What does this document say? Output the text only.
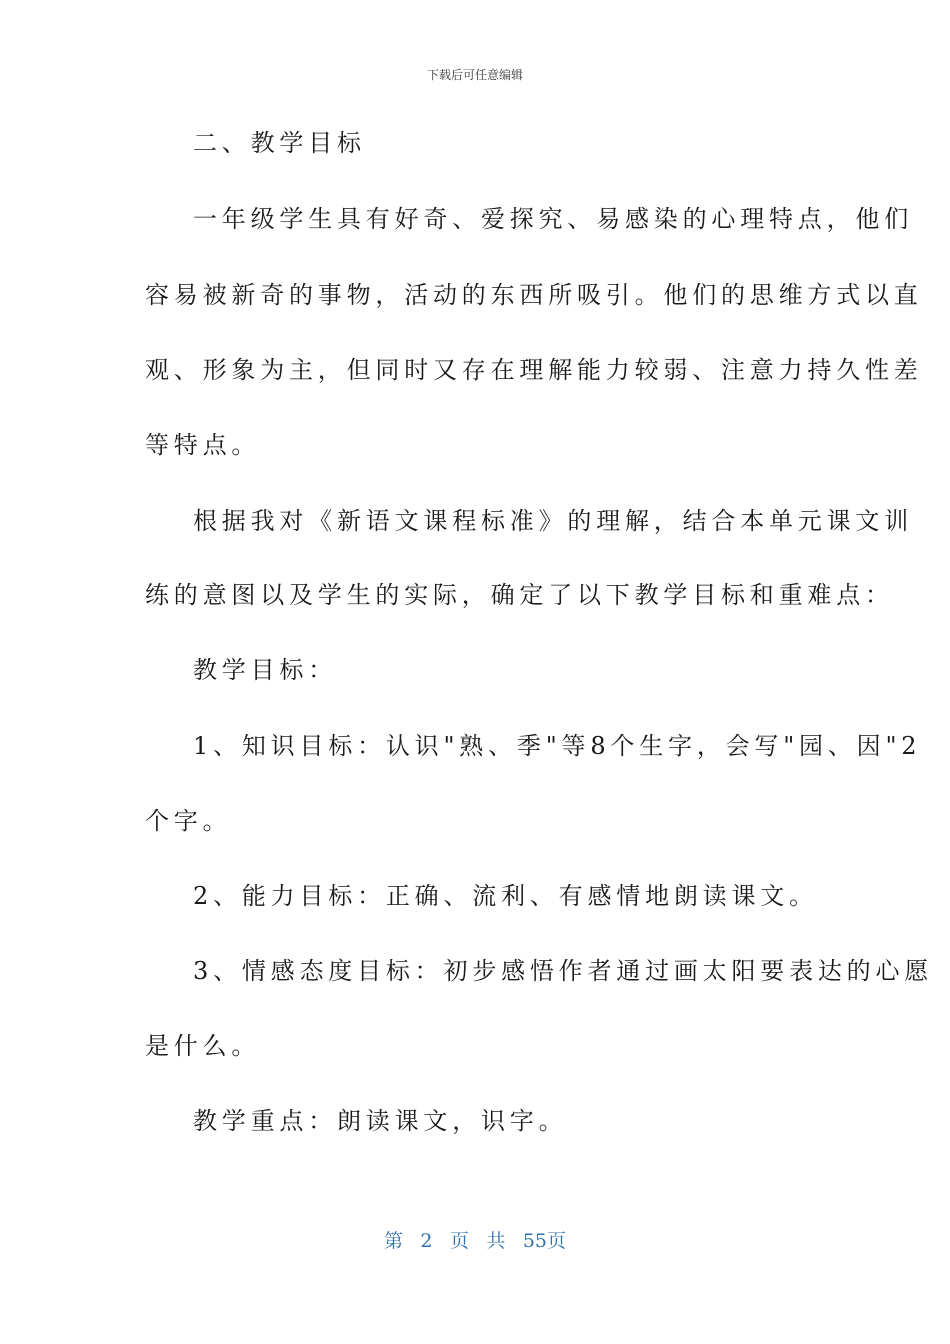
下载后可任意编辑
二、教学目标
一年级学生具有好奇、爱探究、易感染的心理特点，他们
容易被新奇的事物，活动的东西所吸引。他们的思维方式以直
观、形象为主，但同时又存在理解能力较弱、注意力持久性差
等特点。
根据我对《新语文课程标准》的理解，结合本单元课文训
练的意图以及学生的实际，确定了以下教学目标和重难点：
教学目标：
1、知识目标：认识"熟、季"等8个生字，会写"园、因"2
个字。
2、能力目标：正确、流利、有感情地朗读课文。
3、情感态度目标：初步感悟作者通过画太阳要表达的心愿
是什么。
教学重点：朗读课文，识字。
第 2 页 共 55页
